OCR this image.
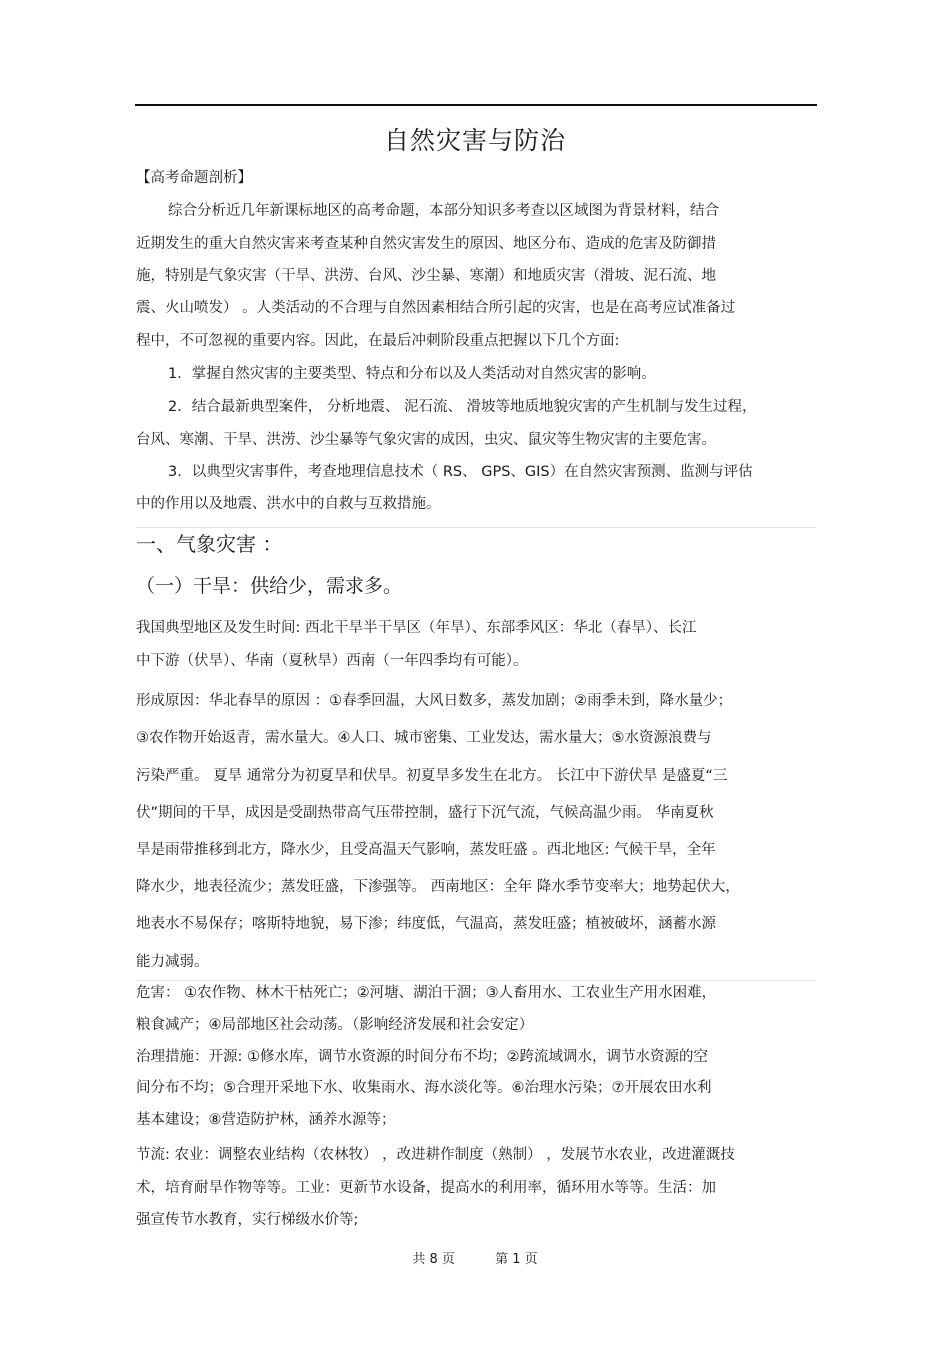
自然灾害与防治
【高考命题剖析】
综合分析近几年新课标地区的高考命题，本部分知识多考查以区域图为背景材料，结合
近期发生的重大自然灾害来考查某种自然灾害发生的原因、地区分布、造成的危害及防御措
施，特别是气象灾害（干旱、洪涝、台风、沙尘暴、寒潮）和地质灾害（滑坡、泥石流、地
震、火山喷发） 。人类活动的不合理与自然因素相结合所引起的灾害，也是在高考应试准备过
程中，不可忽视的重要内容。因此，在最后冲刺阶段重点把握以下几个方面:
1．掌握自然灾害的主要类型、特点和分布以及人类活动对自然灾害的影响。
2．结合最新典型案件， 分析地震、 泥石流、 滑坡等地质地貌灾害的产生机制与发生过程，
台风、寒潮、干旱、洪涝、沙尘暴等气象灾害的成因，虫灾、鼠灾等生物灾害的主要危害。
3．以典型灾害事件，考查地理信息技术（ RS、 GPS、GIS）在自然灾害预测、监测与评估
中的作用以及地震、洪水中的自救与互救措施。
一、气象灾害 ：
（一）干旱：供给少，需求多。
我国典型地区及发生时间: 西北干旱半干旱区（年旱）、东部季风区：华北（春旱）、长江
中下游（伏旱）、华南（夏秋旱）西南（一年四季均有可能）。
形成原因：华北春旱的原因 ：①春季回温，大风日数多，蒸发加剧；②雨季未到，降水量少；
③农作物开始返青，需水量大。④人口、城市密集、工业发达，需水量大；⑤水资源浪费与
污染严重。 夏旱 通常分为初夏旱和伏旱。初夏旱多发生在北方。 长江中下游伏旱 是盛夏“三
伏”期间的干旱，成因是受副热带高气压带控制，盛行下沉气流，气候高温少雨。 华南夏秋
旱是雨带推移到北方，降水少，且受高温天气影响，蒸发旺盛 。西北地区: 气候干旱，全年
降水少，地表径流少；蒸发旺盛，下渗强等。 西南地区：全年 降水季节变率大；地势起伏大，
地表水不易保存；喀斯特地貌，易下渗；纬度低，气温高，蒸发旺盛；植被破坏，涵蓄水源
能力减弱。
危害： ①农作物、林木干枯死亡；②河塘、湖泊干涸；③人畜用水、工农业生产用水困难，
粮食减产；④局部地区社会动荡。（影响经济发展和社会安定）
治理措施：开源: ①修水库，调节水资源的时间分布不均；②跨流域调水，调节水资源的空
间分布不均；⑤合理开采地下水、收集雨水、海水淡化等。⑥治理水污染；⑦开展农田水利
基本建设；⑧营造防护林，涵养水源等；
节流: 农业：调整农业结构（农林牧） ，改进耕作制度（熟制） ，发展节水农业，改进灌溉技
术，培育耐旱作物等等。工业：更新节水设备，提高水的利用率，循环用水等等。生活：加
强宣传节水教育，实行梯级水价等;
共 8 页	第 1 页
